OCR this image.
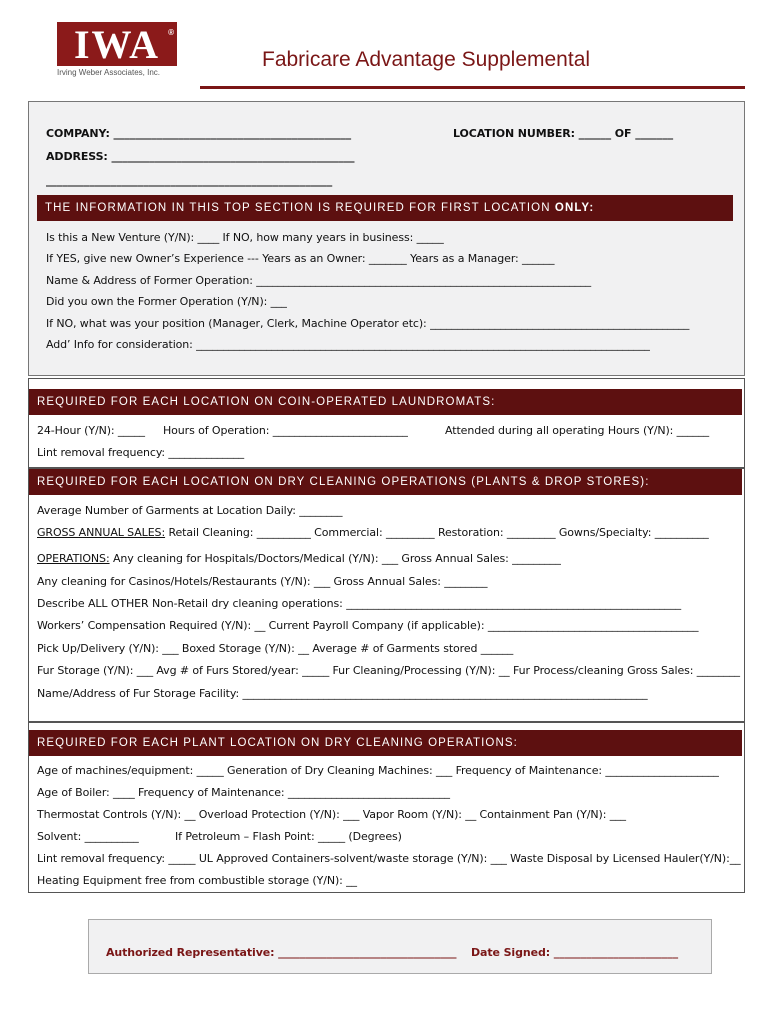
IWA ®
Irving Weber Associates, Inc.
Fabricare Advantage Supplemental
COMPANY: ____________________________________________	LOCATION NUMBER: ______ OF _______
ADDRESS: _____________________________________________
_____________________________________________________
THE INFORMATION IN THIS TOP SECTION IS REQUIRED FOR FIRST LOCATION ONLY:
Is this a New Venture (Y/N): ____ If NO, how many years in business: _____
If YES, give new Owner’s Experience --- Years as an Owner: _______ Years as a Manager: ______
Name & Address of Former Operation: ______________________________________________________________
Did you own the Former Operation (Y/N): ___
If NO, what was your position (Manager, Clerk, Machine Operator etc): ________________________________________________
Add’ Info for consideration: ____________________________________________________________________________________
REQUIRED FOR EACH LOCATION ON COIN-OPERATED LAUNDROMATS:
24-Hour (Y/N): _____ Hours of Operation: _________________________	Attended during all operating Hours (Y/N): ______
Lint removal frequency: ______________
REQUIRED FOR EACH LOCATION ON DRY CLEANING OPERATIONS (PLANTS & DROP STORES):
Average Number of Garments at Location Daily: ________
GROSS ANNUAL SALES: Retail Cleaning: __________ Commercial: _________ Restoration: _________ Gowns/Specialty: __________
OPERATIONS: Any cleaning for Hospitals/Doctors/Medical (Y/N): ___ Gross Annual Sales: _________
Any cleaning for Casinos/Hotels/Restaurants (Y/N): ___ Gross Annual Sales: ________
Describe ALL OTHER Non-Retail dry cleaning operations: ______________________________________________________________
Workers’ Compensation Required (Y/N): __ Current Payroll Company (if applicable): _______________________________________
Pick Up/Delivery (Y/N): ___ Boxed Storage (Y/N): __ Average # of Garments stored ______
Fur Storage (Y/N): ___ Avg # of Furs Stored/year: _____ Fur Cleaning/Processing (Y/N): __ Fur Process/cleaning Gross Sales: ________
Name/Address of Fur Storage Facility: ___________________________________________________________________________
REQUIRED FOR EACH PLANT LOCATION ON DRY CLEANING OPERATIONS:
Age of machines/equipment: _____ Generation of Dry Cleaning Machines: ___ Frequency of Maintenance: _____________________
Age of Boiler: ____ Frequency of Maintenance: ______________________________
Thermostat Controls (Y/N): __ Overload Protection (Y/N): ___ Vapor Room (Y/N): __ Containment Pan (Y/N): ___
Solvent: __________	If Petroleum – Flash Point: _____ (Degrees)
Lint removal frequency: _____ UL Approved Containers-solvent/waste storage (Y/N): ___ Waste Disposal by Licensed Hauler(Y/N):__
Heating Equipment free from combustible storage (Y/N): __
Authorized Representative: _________________________________ Date Signed: _______________________
